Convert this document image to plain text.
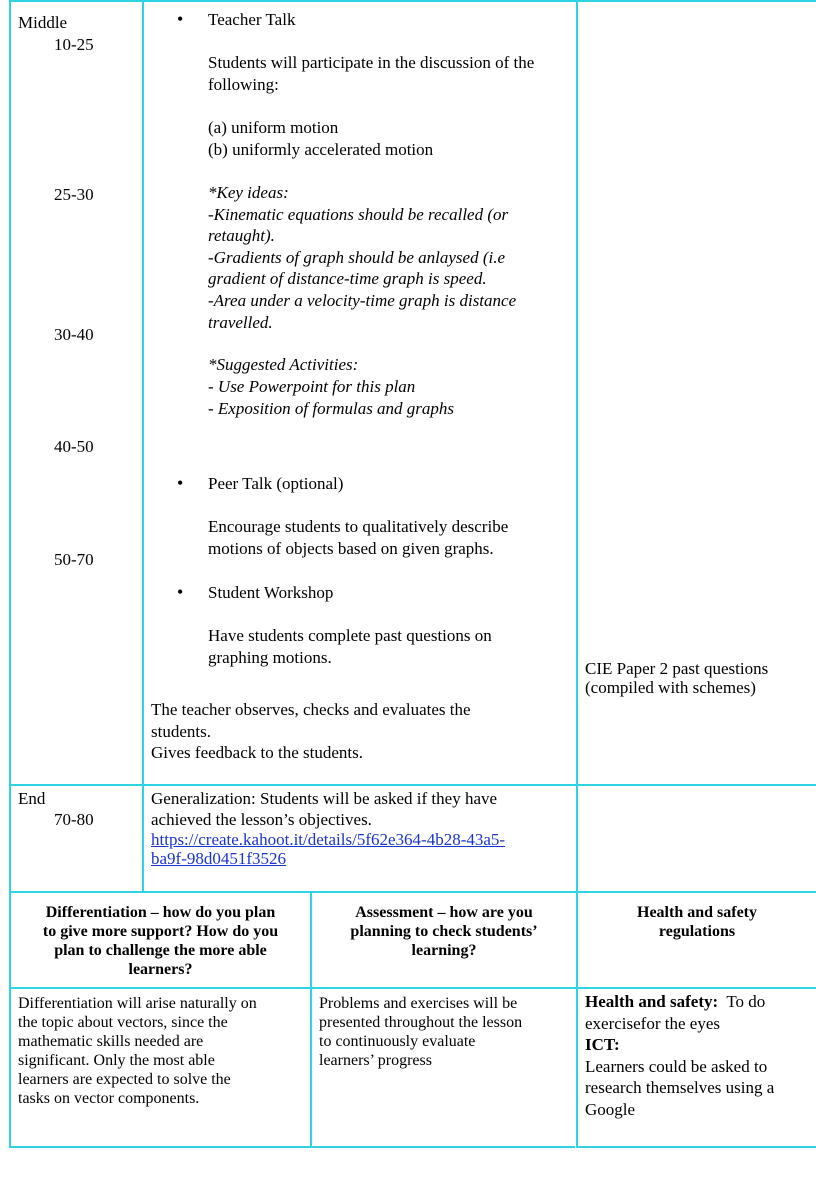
Middle
10-25
25-30
30-40
40-50
50-70
• Teacher Talk
Students will participate in the discussion of the
following:
(a) uniform motion
(b) uniformly accelerated motion
*Key ideas:
-Kinematic equations should be recalled (or
retaught).
-Gradients of graph should be anlaysed (i.e
gradient of distance-time graph is speed.
-Area under a velocity-time graph is distance
travelled.
*Suggested Activities:
- Use Powerpoint for this plan
- Exposition of formulas and graphs
• Peer Talk (optional)
Encourage students to qualitatively describe
motions of objects based on given graphs.
• Student Workshop
Have students complete past questions on
graphing motions.
The teacher observes, checks and evaluates the
students.
Gives feedback to the students.
CIE Paper 2 past questions
(compiled with schemes)
End
70-80
Generalization: Students will be asked if they have
achieved the lesson’s objectives.
https://create.kahoot.it/details/5f62e364-4b28-43a5-
ba9f-98d0451f3526
Differentiation – how do you plan
to give more support? How do you
plan to challenge the more able
learners?
Assessment – how are you
planning to check students’
learning?
Health and safety
regulations
Differentiation will arise naturally on
the topic about vectors, since the
mathematic skills needed are
significant. Only the most able
learners are expected to solve the
tasks on vector components.
Problems and exercises will be
presented throughout the lesson
to continuously evaluate
learners’ progress
Health and safety:  To do
exercisefor the eyes
ICT:
Learners could be asked to
research themselves using a
Google
